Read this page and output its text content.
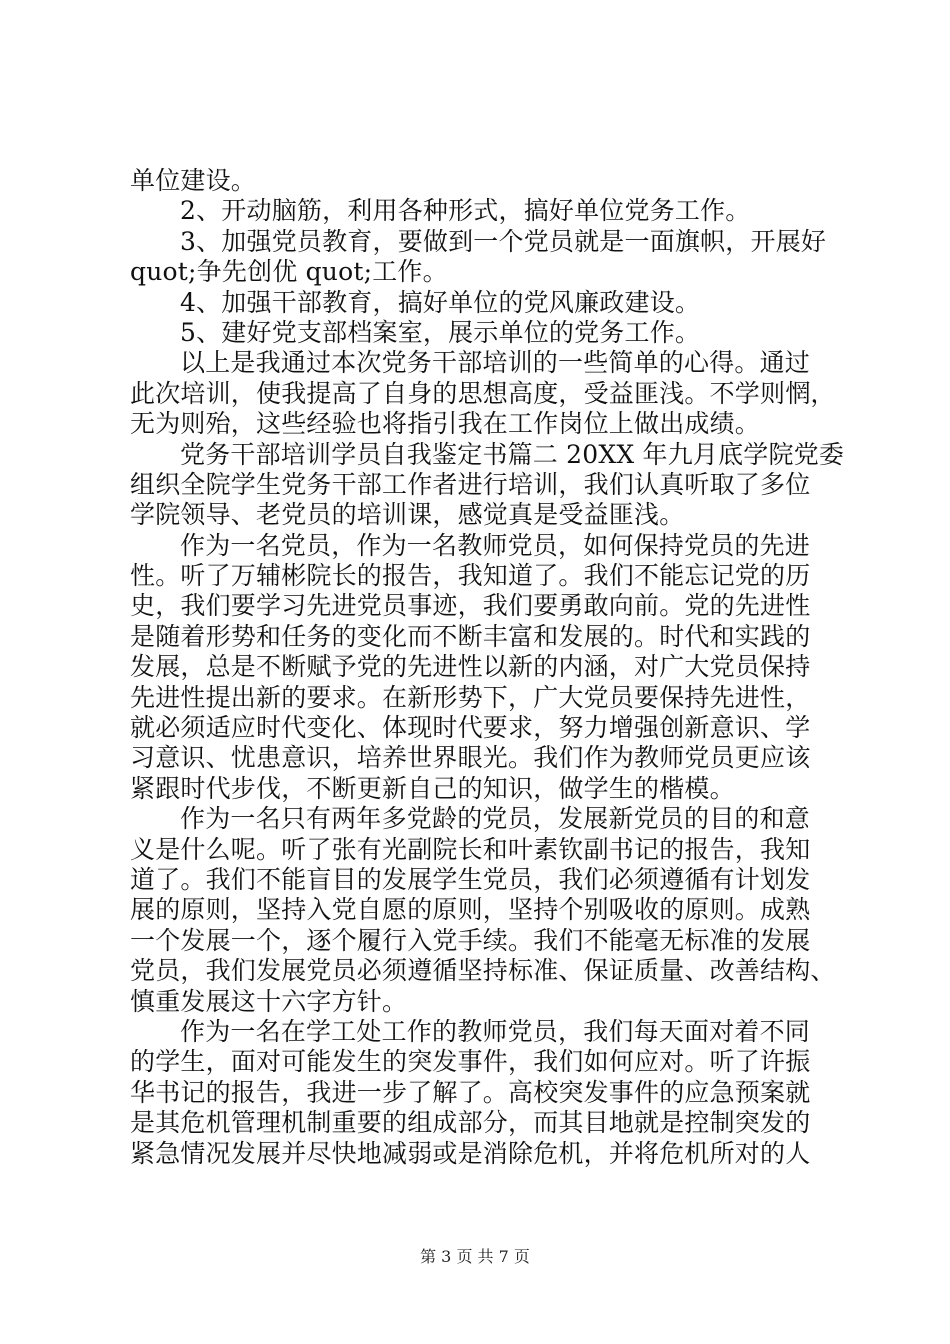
单位建设。
2、开动脑筋，利用各种形式，搞好单位党务工作。
3、加强党员教育，要做到一个党员就是一面旗帜，开展好
quot;争先创优 quot;工作。
4、加强干部教育，搞好单位的党风廉政建设。
5、建好党支部档案室，展示单位的党务工作。
以上是我通过本次党务干部培训的一些简单的心得。通过
此次培训，使我提高了自身的思想高度，受益匪浅。不学则惘，
无为则殆，这些经验也将指引我在工作岗位上做出成绩。
党务干部培训学员自我鉴定书篇二 20XX 年九月底学院党委
组织全院学生党务干部工作者进行培训，我们认真听取了多位
学院领导、老党员的培训课，感觉真是受益匪浅。
作为一名党员，作为一名教师党员，如何保持党员的先进
性。听了万辅彬院长的报告，我知道了。我们不能忘记党的历
史，我们要学习先进党员事迹，我们要勇敢向前。党的先进性
是随着形势和任务的变化而不断丰富和发展的。时代和实践的
发展，总是不断赋予党的先进性以新的内涵，对广大党员保持
先进性提出新的要求。在新形势下，广大党员要保持先进性，
就必须适应时代变化、体现时代要求，努力增强创新意识、学
习意识、忧患意识，培养世界眼光。我们作为教师党员更应该
紧跟时代步伐，不断更新自己的知识，做学生的楷模。
作为一名只有两年多党龄的党员，发展新党员的目的和意
义是什么呢。听了张有光副院长和叶素钦副书记的报告，我知
道了。我们不能盲目的发展学生党员，我们必须遵循有计划发
展的原则，坚持入党自愿的原则，坚持个别吸收的原则。成熟
一个发展一个，逐个履行入党手续。我们不能毫无标准的发展
党员，我们发展党员必须遵循坚持标准、保证质量、改善结构、
慎重发展这十六字方针。
作为一名在学工处工作的教师党员，我们每天面对着不同
的学生，面对可能发生的突发事件，我们如何应对。听了许振
华书记的报告，我进一步了解了。高校突发事件的应急预案就
是其危机管理机制重要的组成部分，而其目地就是控制突发的
紧急情况发展并尽快地减弱或是消除危机，并将危机所对的人
第 3 页 共 7 页
